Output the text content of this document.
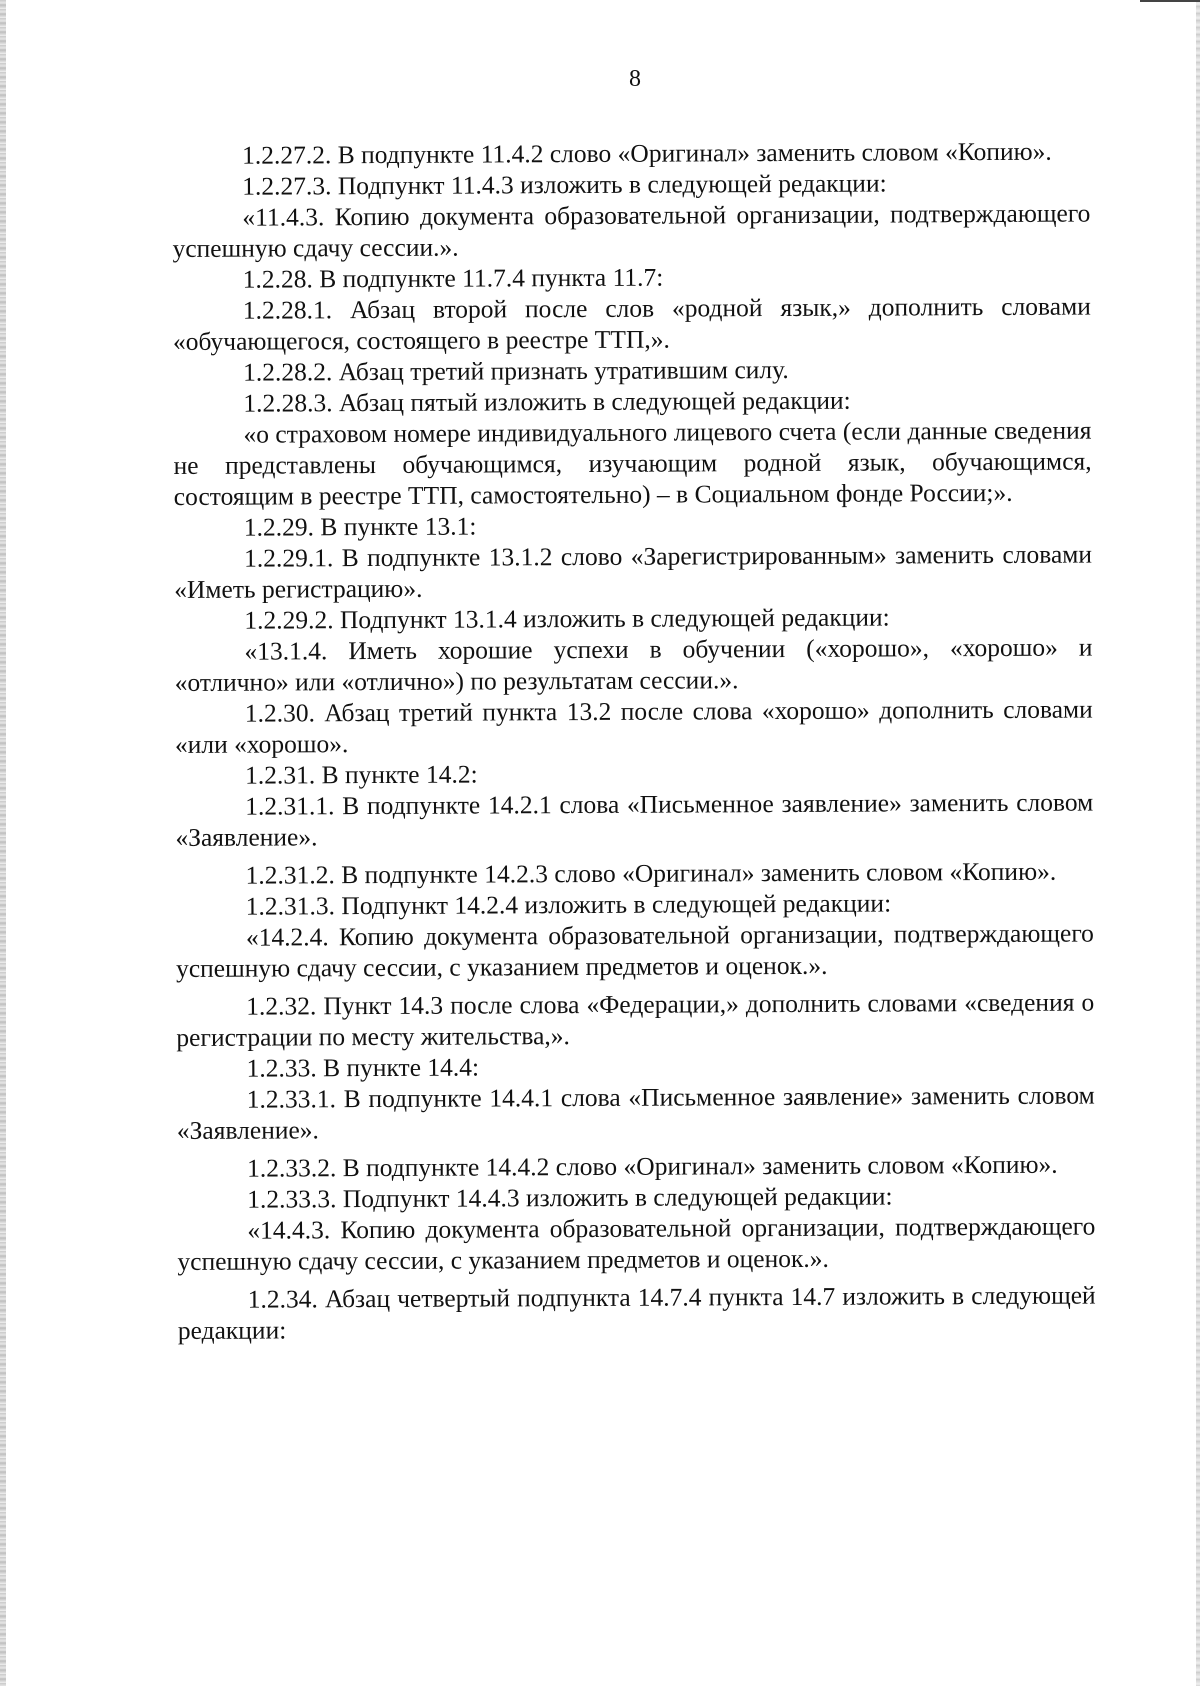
8

1.2.27.2. В подпункте 11.4.2 слово «Оригинал» заменить словом «Копию».

1.2.27.3. Подпункт 11.4.3 изложить в следующей редакции:

«11.4.3. Копию документа образовательной организации, подтверждающего успешную сдачу сессии.».

1.2.28. В подпункте 11.7.4 пункта 11.7:

1.2.28.1. Абзац второй после слов «родной язык,» дополнить словами «обучающегося, состоящего в реестре ТТП,».

1.2.28.2. Абзац третий признать утратившим силу.

1.2.28.3. Абзац пятый изложить в следующей редакции:

«о страховом номере индивидуального лицевого счета (если данные сведения не представлены обучающимся, изучающим родной язык, обучающимся, состоящим в реестре ТТП, самостоятельно) – в Социальном фонде России;».

1.2.29. В пункте 13.1:

1.2.29.1. В подпункте 13.1.2 слово «Зарегистрированным» заменить словами «Иметь регистрацию».

1.2.29.2. Подпункт 13.1.4 изложить в следующей редакции:

«13.1.4. Иметь хорошие успехи в обучении («хорошо», «хорошо» и «отлично» или «отлично») по результатам сессии.».

1.2.30. Абзац третий пункта 13.2 после слова «хорошо» дополнить словами «или «хорошо».

1.2.31. В пункте 14.2:

1.2.31.1. В подпункте 14.2.1 слова «Письменное заявление» заменить словом «Заявление».

1.2.31.2. В подпункте 14.2.3 слово «Оригинал» заменить словом «Копию».

1.2.31.3. Подпункт 14.2.4 изложить в следующей редакции:

«14.2.4. Копию документа образовательной организации, подтверждающего успешную сдачу сессии, с указанием предметов и оценок.».

1.2.32. Пункт 14.3 после слова «Федерации,» дополнить словами «сведения о регистрации по месту жительства,».

1.2.33. В пункте 14.4:

1.2.33.1. В подпункте 14.4.1 слова «Письменное заявление» заменить словом «Заявление».

1.2.33.2. В подпункте 14.4.2 слово «Оригинал» заменить словом «Копию».

1.2.33.3. Подпункт 14.4.3 изложить в следующей редакции:

«14.4.3. Копию документа образовательной организации, подтверждающего успешную сдачу сессии, с указанием предметов и оценок.».

1.2.34. Абзац четвертый подпункта 14.7.4 пункта 14.7 изложить в следующей редакции:
